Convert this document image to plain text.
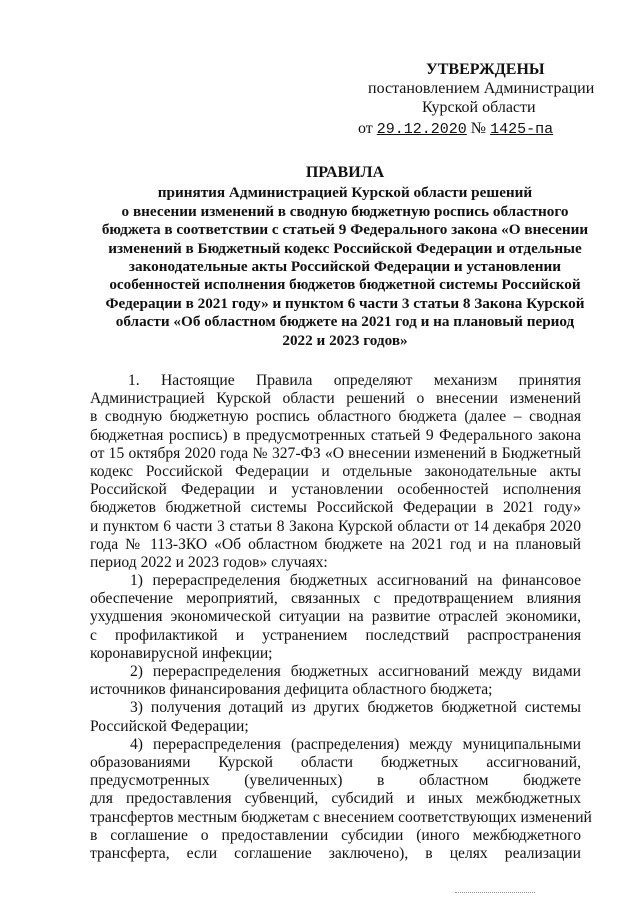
УТВЕРЖДЕНЫ
постановлением Администрации
Курской области
от 29.12.2020 № 1425-па
ПРАВИЛА
принятия Администрацией Курской области решений
о внесении изменений в сводную бюджетную роспись областного
бюджета в соответствии с статьей 9 Федерального закона «О внесении
изменений в Бюджетный кодекс Российской Федерации и отдельные
законодательные акты Российской Федерации и установлении
особенностей исполнения бюджетов бюджетной системы Российской
Федерации в 2021 году» и пунктом 6 части 3 статьи 8 Закона Курской
области «Об областном бюджете на 2021 год и на плановый период
2022 и 2023 годов»
1. Настоящие Правила определяют механизм принятия
Администрацией Курской области решений о внесении изменений
в сводную бюджетную роспись областного бюджета (далее – сводная
бюджетная роспись) в предусмотренных статьей 9 Федерального закона
от 15 октября 2020 года № 327-ФЗ «О внесении изменений в Бюджетный
кодекс Российской Федерации и отдельные законодательные акты
Российской Федерации и установлении особенностей исполнения
бюджетов бюджетной системы Российской Федерации в 2021 году»
и пунктом 6 части 3 статьи 8 Закона Курской области от 14 декабря 2020
года № 113-ЗКО «Об областном бюджете на 2021 год и на плановый
период 2022 и 2023 годов» случаях:
1) перераспределения бюджетных ассигнований на финансовое
обеспечение мероприятий, связанных с предотвращением влияния
ухудшения экономической ситуации на развитие отраслей экономики,
с профилактикой и устранением последствий распространения
коронавирусной инфекции;
2) перераспределения бюджетных ассигнований между видами
источников финансирования дефицита областного бюджета;
3) получения дотаций из других бюджетов бюджетной системы
Российской Федерации;
4) перераспределения (распределения) между муниципальными
образованиями Курской области бюджетных ассигнований,
предусмотренных (увеличенных) в областном бюджете
для предоставления субвенций, субсидий и иных межбюджетных
трансфертов местным бюджетам с внесением соответствующих изменений
в соглашение о предоставлении субсидии (иного межбюджетного
трансферта, если соглашение заключено), в целях реализации
